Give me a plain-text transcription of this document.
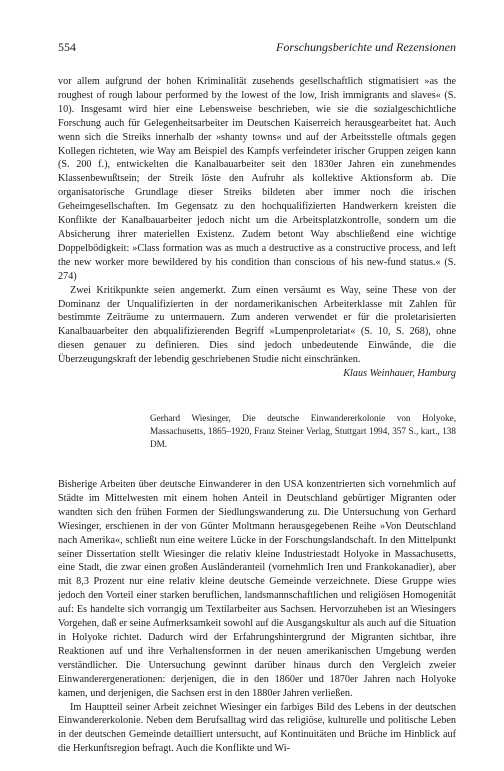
554	Forschungsberichte und Rezensionen

vor allem aufgrund der hohen Kriminalität zusehends gesellschaftlich stigmatisiert »as the roughest of rough labour performed by the lowest of the low, Irish immigrants and slaves« (S. 10). Insgesamt wird hier eine Lebensweise beschrieben, wie sie die sozialgeschichtliche Forschung auch für Gelegenheitsarbeiter im Deutschen Kaiserreich herausgearbeitet hat. Auch wenn sich die Streiks innerhalb der »shanty towns« und auf der Arbeitsstelle oftmals gegen Kollegen richteten, wie Way am Beispiel des Kampfs verfeindeter irischer Gruppen zeigen kann (S. 200 f.), entwickelten die Kanalbauarbeiter seit den 1830er Jahren ein zunehmendes Klassenbewußtsein; der Streik löste den Aufruhr als kollektive Aktionsform ab. Die organisatorische Grundlage dieser Streiks bildeten aber immer noch die irischen Geheimgesellschaften. Im Gegensatz zu den hochqualifizierten Handwerkern kreisten die Konflikte der Kanalbauarbeiter jedoch nicht um die Arbeitsplatzkontrolle, sondern um die Absicherung ihrer materiellen Existenz. Zudem betont Way abschließend eine wichtige Doppelbödigkeit: »Class formation was as much a destructive as a constructive process, and left the new worker more bewildered by his condition than conscious of his new-fund status.« (S. 274)

Zwei Kritikpunkte seien angemerkt. Zum einen versäumt es Way, seine These von der Dominanz der Unqualifizierten in der nordamerikanischen Arbeiterklasse mit Zahlen für bestimmte Zeiträume zu untermauern. Zum anderen verwendet er für die proletarisierten Kanalbauarbeiter den abqualifizierenden Begriff »Lumpenproletariat« (S. 10, S. 268), ohne diesen genauer zu definieren. Dies sind jedoch unbedeutende Einwände, die die Überzeugungskraft der lebendig geschriebenen Studie nicht einschränken.

Klaus Weinhauer, Hamburg
Gerhard Wiesinger, Die deutsche Einwandererkolonie von Holyoke, Massachusetts, 1865–1920, Franz Steiner Verlag, Stuttgart 1994, 357 S., kart., 138 DM.

Bisherige Arbeiten über deutsche Einwanderer in den USA konzentrierten sich vornehmlich auf Städte im Mittelwesten mit einem hohen Anteil in Deutschland gebürtiger Migranten oder wandten sich den frühen Formen der Siedlungswanderung zu. Die Untersuchung von Gerhard Wiesinger, erschienen in der von Günter Moltmann herausgegebenen Reihe »Von Deutschland nach Amerika«, schließt nun eine weitere Lücke in der Forschungslandschaft. In den Mittelpunkt seiner Dissertation stellt Wiesinger die relativ kleine Industriestadt Holyoke in Massachusetts, eine Stadt, die zwar einen großen Ausländeranteil (vornehmlich Iren und Frankokanadier), aber mit 8,3 Prozent nur eine relativ kleine deutsche Gemeinde verzeichnete. Diese Gruppe wies jedoch den Vorteil einer starken beruflichen, landsmannschaftlichen und religiösen Homogenität auf: Es handelte sich vorrangig um Textilarbeiter aus Sachsen. Hervorzuheben ist an Wiesingers Vorgehen, daß er seine Aufmerksamkeit sowohl auf die Ausgangskultur als auch auf die Situation in Holyoke richtet. Dadurch wird der Erfahrungshintergrund der Migranten sichtbar, ihre Reaktionen auf und ihre Verhaltensformen in der neuen amerikanischen Umgebung werden verständlicher. Die Untersuchung gewinnt darüber hinaus durch den Vergleich zweier Einwanderergenerationen: derjenigen, die in den 1860er und 1870er Jahren nach Holyoke kamen, und derjenigen, die Sachsen erst in den 1880er Jahren verließen.

Im Hauptteil seiner Arbeit zeichnet Wiesinger ein farbiges Bild des Lebens in der deutschen Einwandererkolonie. Neben dem Berufsalltag wird das religiöse, kulturelle und politische Leben in der deutschen Gemeinde detailliert untersucht, auf Kontinuitäten und Brüche im Hinblick auf die Herkunftsregion befragt. Auch die Konflikte und Wi-
